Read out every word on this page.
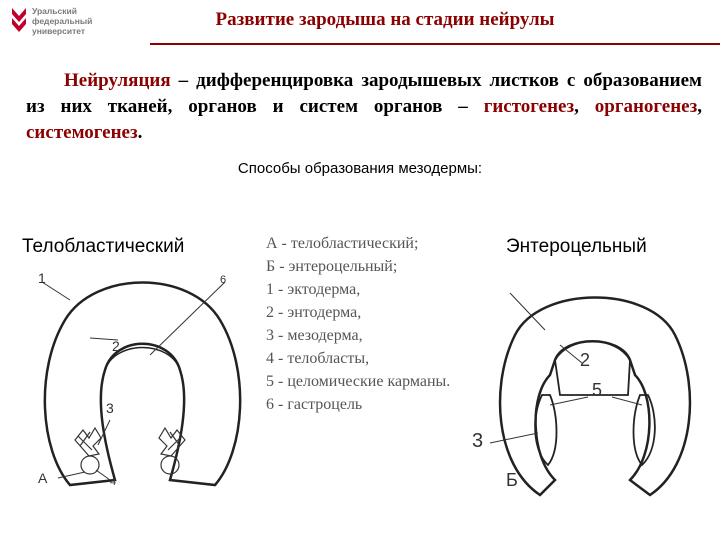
Уральский
федеральный
университет
Развитие зародыша на стадии нейрулы
Нейруляция – дифференцировка зародышевых листков с образованием из них тканей, органов и систем органов – гистогенез, органогенез, системогенез.
Способы образования мезодермы:
Телобластический	Энтероцельный
А - телобластический;
Б - энтероцельный;
1 - эктодерма,
2 - энтодерма,
3 - мезодерма,
4 - телобласты,
5 - целомические карманы.
6 - гастроцель
1	6
2
3
А	4
2
5
3
Б
